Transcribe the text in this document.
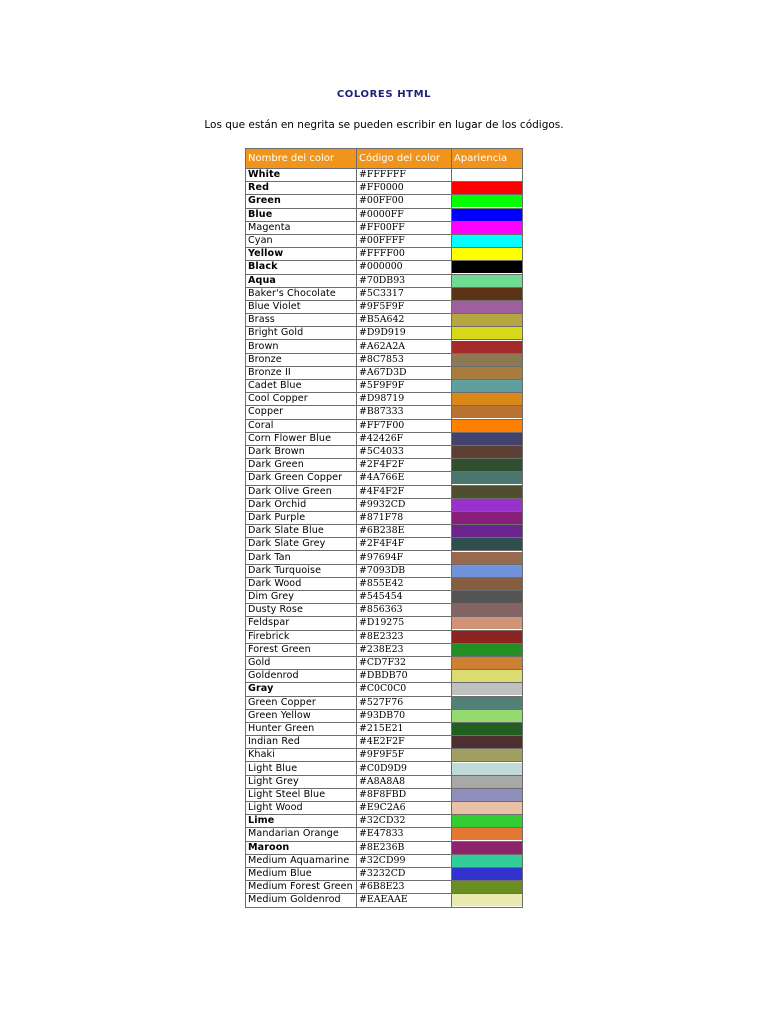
COLORES HTML
Los que están en negrita se pueden escribir en lugar de los códigos.
Nombre del color	Código del color	Apariencia
White	#FFFFFF	

Red	#FF0000	

Green	#00FF00	

Blue	#0000FF	

Magenta	#FF00FF	

Cyan	#00FFFF	

Yellow	#FFFF00	

Black	#000000	

Aqua	#70DB93	

Baker's Chocolate	#5C3317	

Blue Violet	#9F5F9F	

Brass	#B5A642	

Bright Gold	#D9D919	

Brown	#A62A2A	

Bronze	#8C7853	

Bronze II	#A67D3D	

Cadet Blue	#5F9F9F	

Cool Copper	#D98719	

Copper	#B87333	

Coral	#FF7F00	

Corn Flower Blue	#42426F	

Dark Brown	#5C4033	

Dark Green	#2F4F2F	

Dark Green Copper	#4A766E	

Dark Olive Green	#4F4F2F	

Dark Orchid	#9932CD	

Dark Purple	#871F78	

Dark Slate Blue	#6B238E	

Dark Slate Grey	#2F4F4F	

Dark Tan	#97694F	

Dark Turquoise	#7093DB	

Dark Wood	#855E42	

Dim Grey	#545454	

Dusty Rose	#856363	

Feldspar	#D19275	

Firebrick	#8E2323	

Forest Green	#238E23	

Gold	#CD7F32	

Goldenrod	#DBDB70	

Gray	#C0C0C0	

Green Copper	#527F76	

Green Yellow	#93DB70	

Hunter Green	#215E21	

Indian Red	#4E2F2F	

Khaki	#9F9F5F	

Light Blue	#C0D9D9	

Light Grey	#A8A8A8	

Light Steel Blue	#8F8FBD	

Light Wood	#E9C2A6	

Lime	#32CD32	

Mandarian Orange	#E47833	

Maroon	#8E236B	

Medium Aquamarine	#32CD99	

Medium Blue	#3232CD	

Medium Forest Green	#6B8E23	

Medium Goldenrod	#EAEAAE	
